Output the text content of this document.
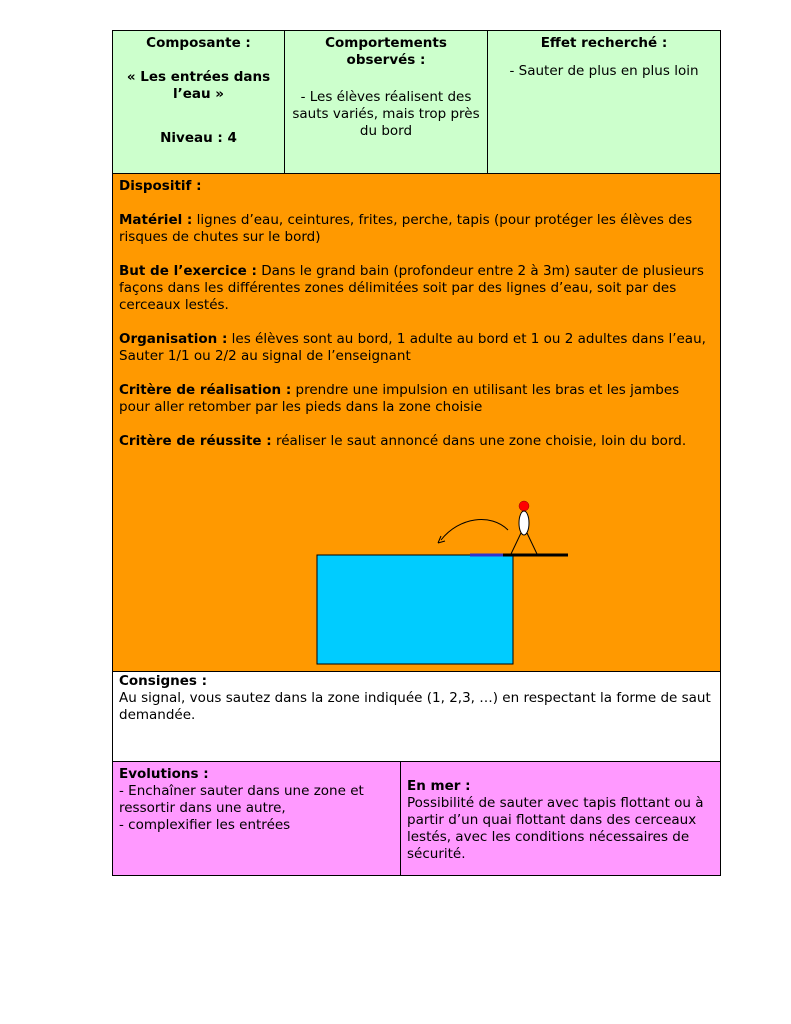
Composante :
« Les entrées dans l’eau »
Niveau : 4
Comportements observés :
- Les élèves réalisent des sauts variés, mais trop près du bord
Effet recherché :
- Sauter de plus en plus loin

Dispositif :

Matériel : lignes d’eau, ceintures, frites, perche, tapis (pour protéger les élèves des risques de chutes sur le bord)

But de l’exercice : Dans le grand bain (profondeur entre 2 à 3m) sauter de plusieurs façons dans les différentes zones délimitées soit par des lignes d’eau, soit par des cerceaux lestés.

Organisation : les élèves sont au bord, 1 adulte au bord et 1 ou 2 adultes dans l’eau,
Sauter 1/1 ou 2/2 au signal de l’enseignant

Critère de réalisation : prendre une impulsion en utilisant les bras et les jambes pour aller retomber par les pieds dans la zone choisie

Critère de réussite : réaliser le saut annoncé dans une zone choisie, loin du bord.

Consignes :
Au signal, vous sautez dans la zone indiquée (1, 2,3, …) en respectant la forme de saut demandée.
Evolutions :
- Enchaîner sauter dans une zone et ressortir dans une autre,
- complexifier les entrées
En mer :
Possibilité de sauter avec tapis flottant ou à partir d’un quai flottant dans des cerceaux lestés, avec les conditions nécessaires de sécurité.
